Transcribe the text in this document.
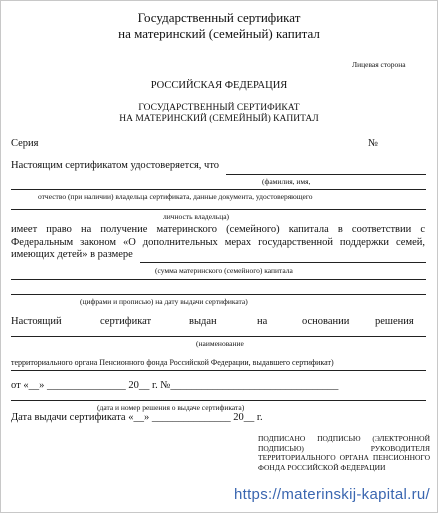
Государственный сертификат
на материнский (семейный) капитал
Лицевая сторона
РОССИЙСКАЯ ФЕДЕРАЦИЯ
ГОСУДАРСТВЕННЫЙ СЕРТИФИКАТ
НА МАТЕРИНСКИЙ (СЕМЕЙНЫЙ) КАПИТАЛ
Серия	№
Настоящим сертификатом удостоверяется, что
(фамилия, имя,
отчество (при наличии) владельца сертификата, данные документа, удостоверяющего
личность владельца)
имеет право на получение материнского (семейного) капитала в соответствии с Федеральным законом «О дополнительных мерах государственной поддержки семей, имеющих детей» в размере
(сумма материнского (семейного) капитала
(цифрами и прописью) на дату выдачи сертификата)
Настоящий	сертификат	выдан	на	основании решения
(наименование
территориального органа Пенсионного фонда Российской Федерации, выдавшего сертификат)
от «__» _______________ 20__ г. №________________________________
(дата и номер решения о выдаче сертификата)
Дата выдачи сертификата «__» _______________ 20__ г.
ПОДПИСАНО ПОДПИСЬЮ (ЭЛЕКТРОННОЙ ПОДПИСЬЮ) РУКОВОДИТЕЛЯ ТЕРРИТОРИАЛЬНОГО ОРГАНА ПЕНСИОННОГО ФОНДА РОССИЙСКОЙ ФЕДЕРАЦИИ
https://materinskij-kapital.ru/
